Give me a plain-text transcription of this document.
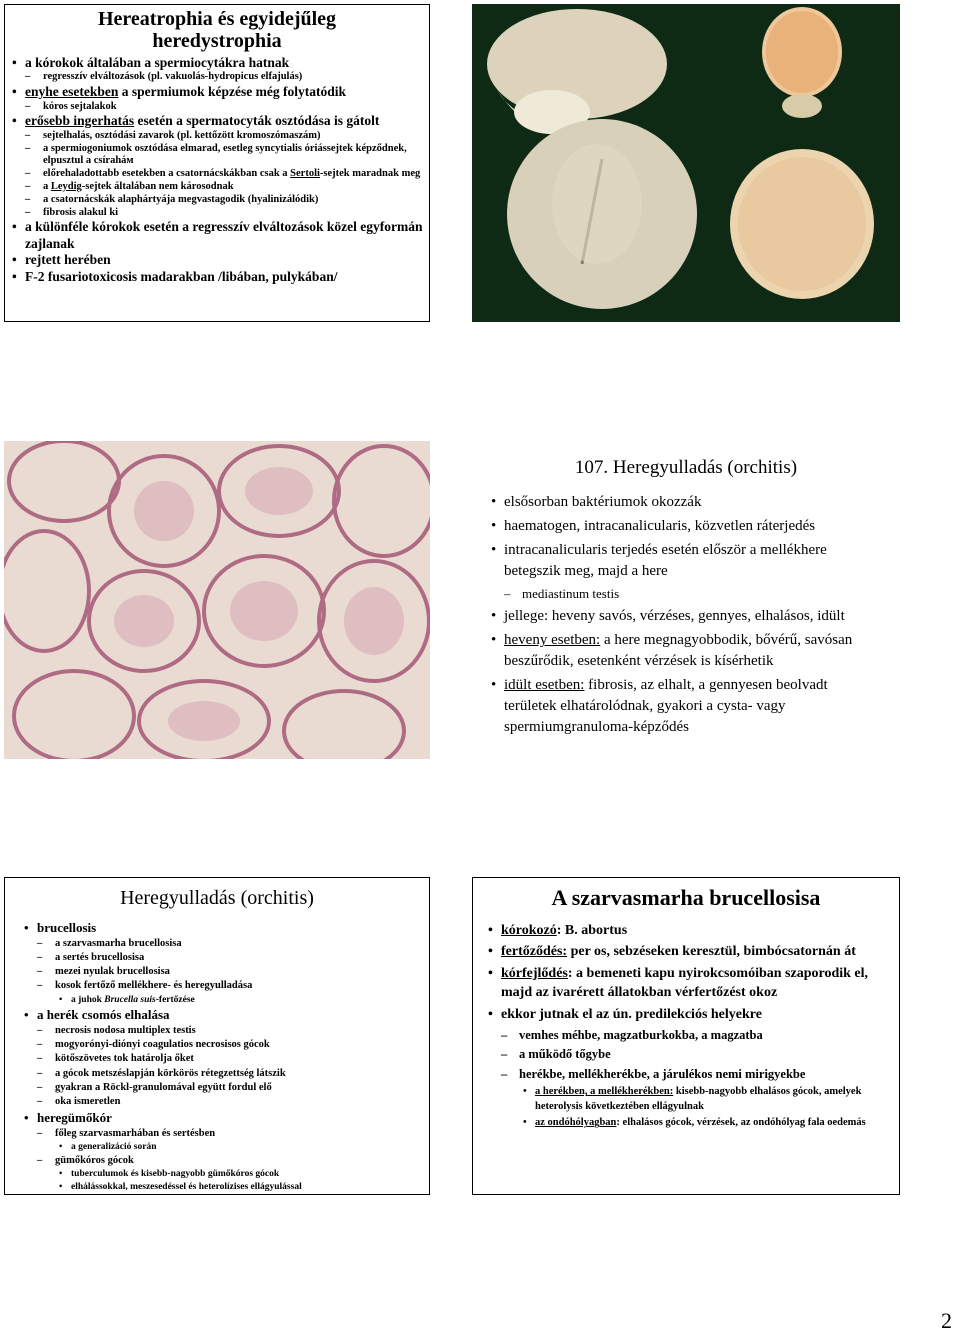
Hereatrophia és egyidejűleg heredystrophia
• a kórokok általában a spermiocytákra hatnak
– regresszív elváltozások (pl. vakuolás-hydropicus elfajulás)
• enyhe esetekben a spermiumok képzése még folytatódik
– kóros sejtalakok
• erősebb ingerhatás esetén a spermatocyták osztódása is gátolt
– sejtelhalás, osztódási zavarok (pl. kettőzött kromoszómaszám)
– a spermiogoniumok osztódása elmarad, esetleg syncytialis óriássejtek képződnek, elpusztul a csíraháм
– előrehaladottabb esetekben a csatornácskákban csak a Sertoli-sejtek maradnak meg
– a Leydig-sejtek általában nem károsodnak
– a csatornácskák alaphártyája megvastagodik (hyalinizálódik)
– fibrosis alakul ki
• a különféle kórokok esetén a regresszív elváltozások közel egyformán zajlanak
• rejtett herében
• F-2 fusariotoxicosis madarakban /libában, pulykában/
107. Heregyulladás (orchitis)
• elsősorban baktériumok okozzák
• haematogen, intracanalicularis, közvetlen ráterjedés
• intracanalicularis terjedés esetén először a mellékhere betegszik meg, majd a here
– mediastinum testis
• jellege: heveny savós, vérzéses, gennyes, elhalásos, idült
• heveny esetben: a here megnagyobbodik, bővérű, savósan beszűrődik, esetenként vérzések is kísérhetik
• idült esetben: fibrosis, az elhalt, a gennyesen beolvadt területek elhatárolódnak, gyakori a cysta- vagy spermiumgranuloma-képződés
Heregyulladás (orchitis)
• brucellosis
– a szarvasmarha brucellosisa
– a sertés brucellosisa
– mezei nyulak brucellosisa
– kosok fertőző mellékhere- és heregyulladása
• a juhok Brucella suis-fertőzése
• a herék csomós elhalása
– necrosis nodosa multiplex testis
– mogyorónyi-diónyi coagulatios necrosisos gócok
– kötőszövetes tok határolja őket
– a gócok metszéslapján körkörös rétegzettség látszik
– gyakran a Röckl-granulomával együtt fordul elő
– oka ismeretlen
• heregümőkór
– főleg szarvasmarhában és sertésben
• a generalizáció során
– gümőkóros gócok
• tuberculumok és kisebb-nagyobb gümőkóros gócok
• elhálássokkal, meszesedéssel és heterolízises ellágyulással
A szarvasmarha brucellosisa
• kórokozó: B. abortus
• fertőződés: per os, sebzéseken keresztül, bimbócsatornán át
• kórfejlődés: a bemeneti kapu nyirokcsomóiban szaporodik el, majd az ivarérett állatokban vérfertőzést okoz
• ekkor jutnak el az ún. predilekciós helyekre
– vemhes méhbe, magzatburkokba, a magzatba
– a működő tőgybe
– herékbe, mellékherékbe, a járulékos nemi mirigyekbe
• a herékben, a mellékherékben: kisebb-nagyobb elhalásos gócok, amelyek heterolysis következtében ellágyulnak
• az ondóhólyagban: elhalásos gócok, vérzések, az ondóhólyag fala oedemás
2
